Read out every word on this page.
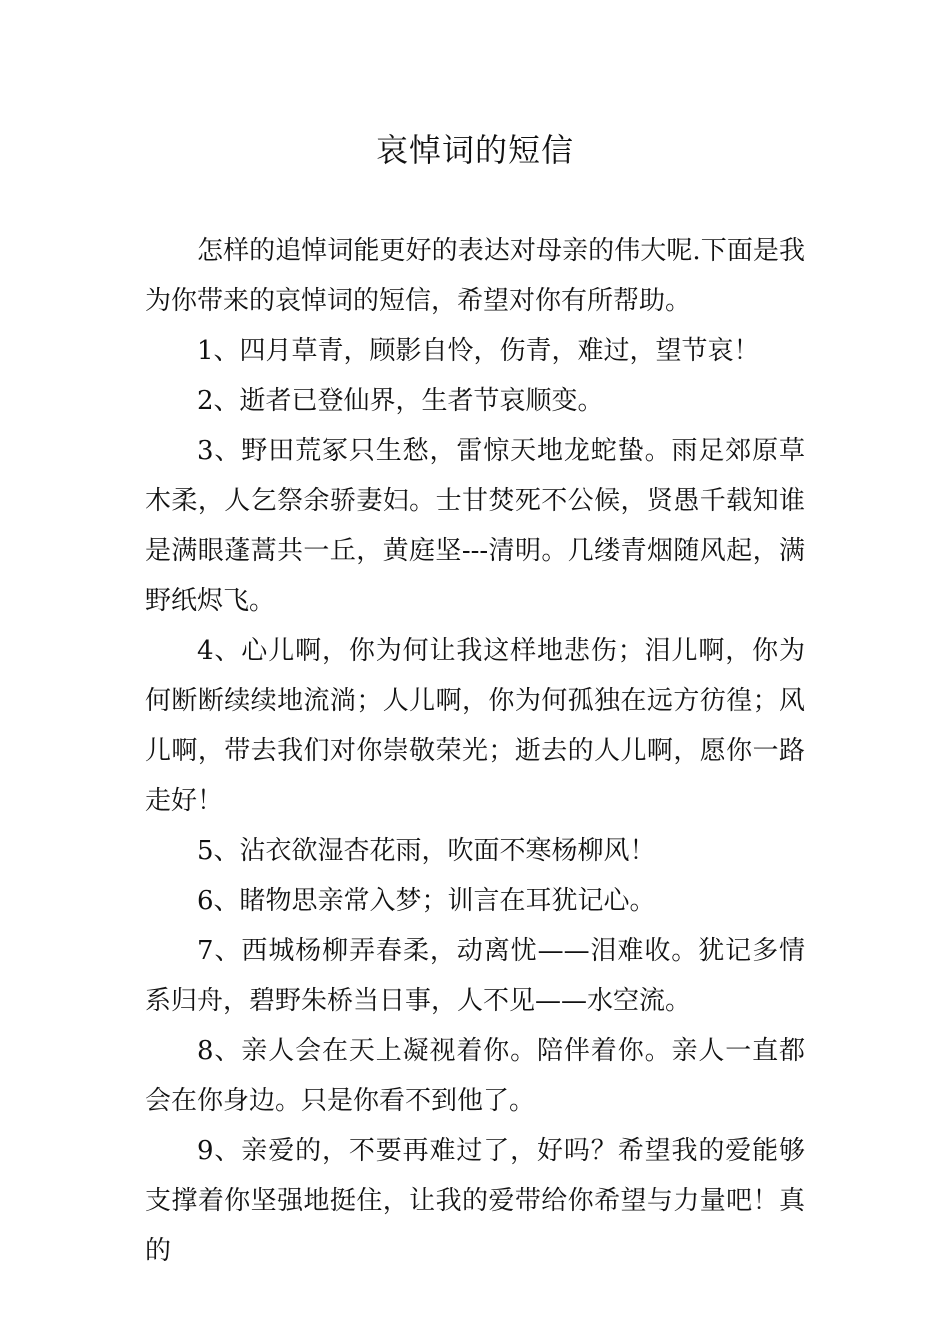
哀悼词的短信

怎样的追悼词能更好的表达对母亲的伟大呢.下面是我为你带来的哀悼词的短信，希望对你有所帮助。

1、四月草青，顾影自怜，伤青，难过，望节哀！

2、逝者已登仙界，生者节哀顺变。

3、野田荒冢只生愁，雷惊天地龙蛇蛰。雨足郊原草木柔，人乞祭余骄妻妇。士甘焚死不公候，贤愚千载知谁是满眼蓬蒿共一丘，黄庭坚---清明。几缕青烟随风起，满野纸烬飞。

4、心儿啊，你为何让我这样地悲伤；泪儿啊，你为何断断续续地流淌；人儿啊，你为何孤独在远方彷徨；风儿啊，带去我们对你崇敬荣光；逝去的人儿啊，愿你一路走好！

5、沾衣欲湿杏花雨，吹面不寒杨柳风！

6、睹物思亲常入梦；训言在耳犹记心。

7、西城杨柳弄春柔，动离忧——泪难收。犹记多情系归舟，碧野朱桥当日事，人不见——水空流。

8、亲人会在天上凝视着你。陪伴着你。亲人一直都会在你身边。只是你看不到他了。

9、亲爱的，不要再难过了，好吗？希望我的爱能够支撑着你坚强地挺住，让我的爱带给你希望与力量吧！真的
